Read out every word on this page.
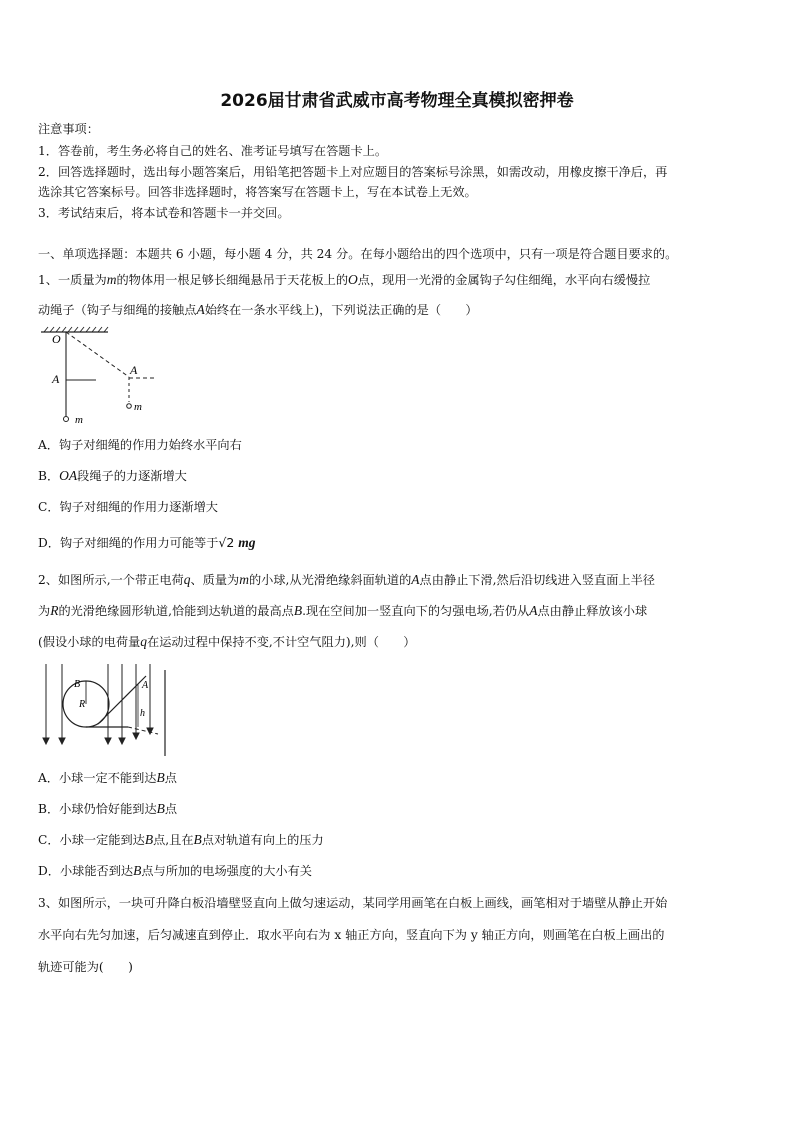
2026届甘肃省武威市高考物理全真模拟密押卷
注意事项：
1．答卷前，考生务必将自己的姓名、准考证号填写在答题卡上。
2．回答选择题时，选出每小题答案后，用铅笔把答题卡上对应题目的答案标号涂黑，如需改动，用橡皮擦干净后，再
选涂其它答案标号。回答非选择题时，将答案写在答题卡上，写在本试卷上无效。
3．考试结束后，将本试卷和答题卡一并交回。
一、单项选择题：本题共 6 小题，每小题 4 分，共 24 分。在每小题给出的四个选项中，只有一项是符合题目要求的。
1、一质量为m的物体用一根足够长细绳悬吊于天花板上的O点，现用一光滑的金属钩子勾住细绳，水平向右缓慢拉
动绳子（钩子与细绳的接触点A始终在一条水平线上)，下列说法正确的是（　　）
O
A
A
m
m
A．钩子对细绳的作用力始终水平向右
B．OA段绳子的力逐渐增大
C．钩子对细绳的作用力逐渐增大
D．钩子对细绳的作用力可能等于√2 mg
2、如图所示,一个带正电荷q、质量为m的小球,从光滑绝缘斜面轨道的A点由静止下滑,然后沿切线进入竖直面上半径
为R的光滑绝缘圆形轨道,恰能到达轨道的最高点B.现在空间加一竖直向下的匀强电场,若仍从A点由静止释放该小球
(假设小球的电荷量q在运动过程中保持不变,不计空气阻力),则（　　）
B
R
A
h
A．小球一定不能到达B点
B．小球仍恰好能到达B点
C．小球一定能到达B点,且在B点对轨道有向上的压力
D．小球能否到达B点与所加的电场强度的大小有关
3、如图所示，一块可升降白板沿墙壁竖直向上做匀速运动，某同学用画笔在白板上画线，画笔相对于墙壁从静止开始
水平向右先匀加速，后匀减速直到停止．取水平向右为 x 轴正方向，竖直向下为 y 轴正方向，则画笔在白板上画出的
轨迹可能为(　　)
